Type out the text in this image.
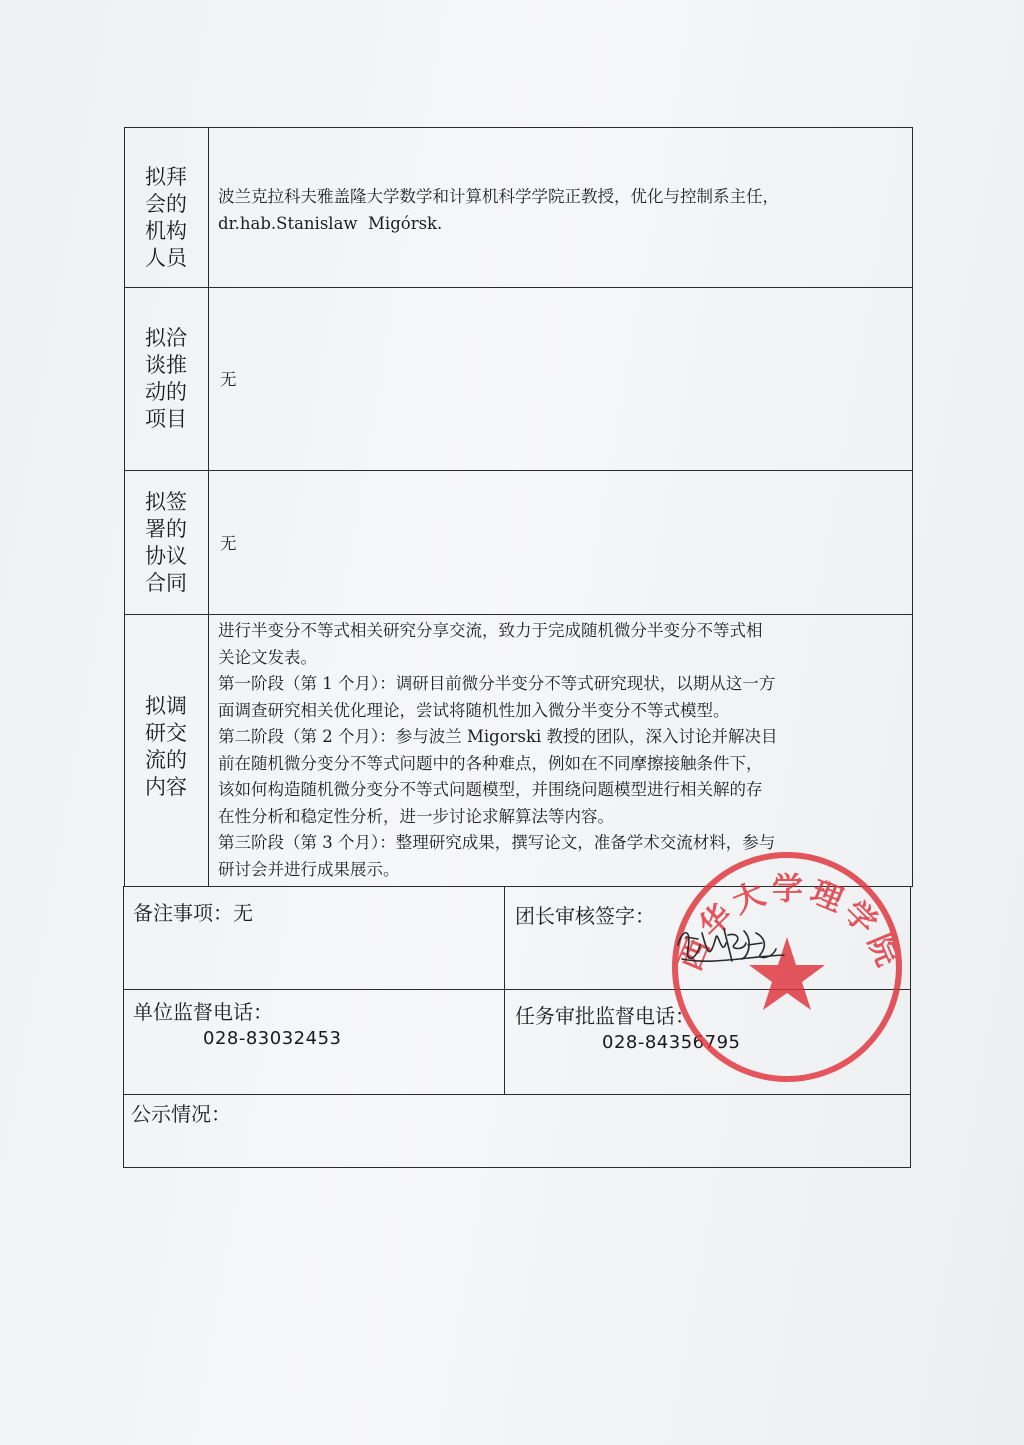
拟拜会的机构人员

波兰克拉科夫雅盖隆大学数学和计算机科学学院正教授，优化与控制系主任，

dr.hab.Stanislaw  Migórsk.

拟洽谈推动的项目

无

拟签署的协议合同

无

拟调研交流的内容

进行半变分不等式相关研究分享交流，致力于完成随机微分半变分不等式相

关论文发表。

第一阶段（第 1 个月）：调研目前微分半变分不等式研究现状，以期从这一方

面调查研究相关优化理论，尝试将随机性加入微分半变分不等式模型。

第二阶段（第 2 个月）：参与波兰 Migorski 教授的团队，深入讨论并解决目

前在随机微分变分不等式问题中的各种难点，例如在不同摩擦接触条件下，

该如何构造随机微分变分不等式问题模型，并围绕问题模型进行相关解的存

在性分析和稳定性分析，进一步讨论求解算法等内容。

第三阶段（第 3 个月）：整理研究成果，撰写论文，准备学术交流材料，参与

研讨会并进行成果展示。

备注事项：无	团长审核签字：
单位监督电话：
028-83032453
任务审批监督电话：
028-84356795
公示情况：
西华大学理学院
